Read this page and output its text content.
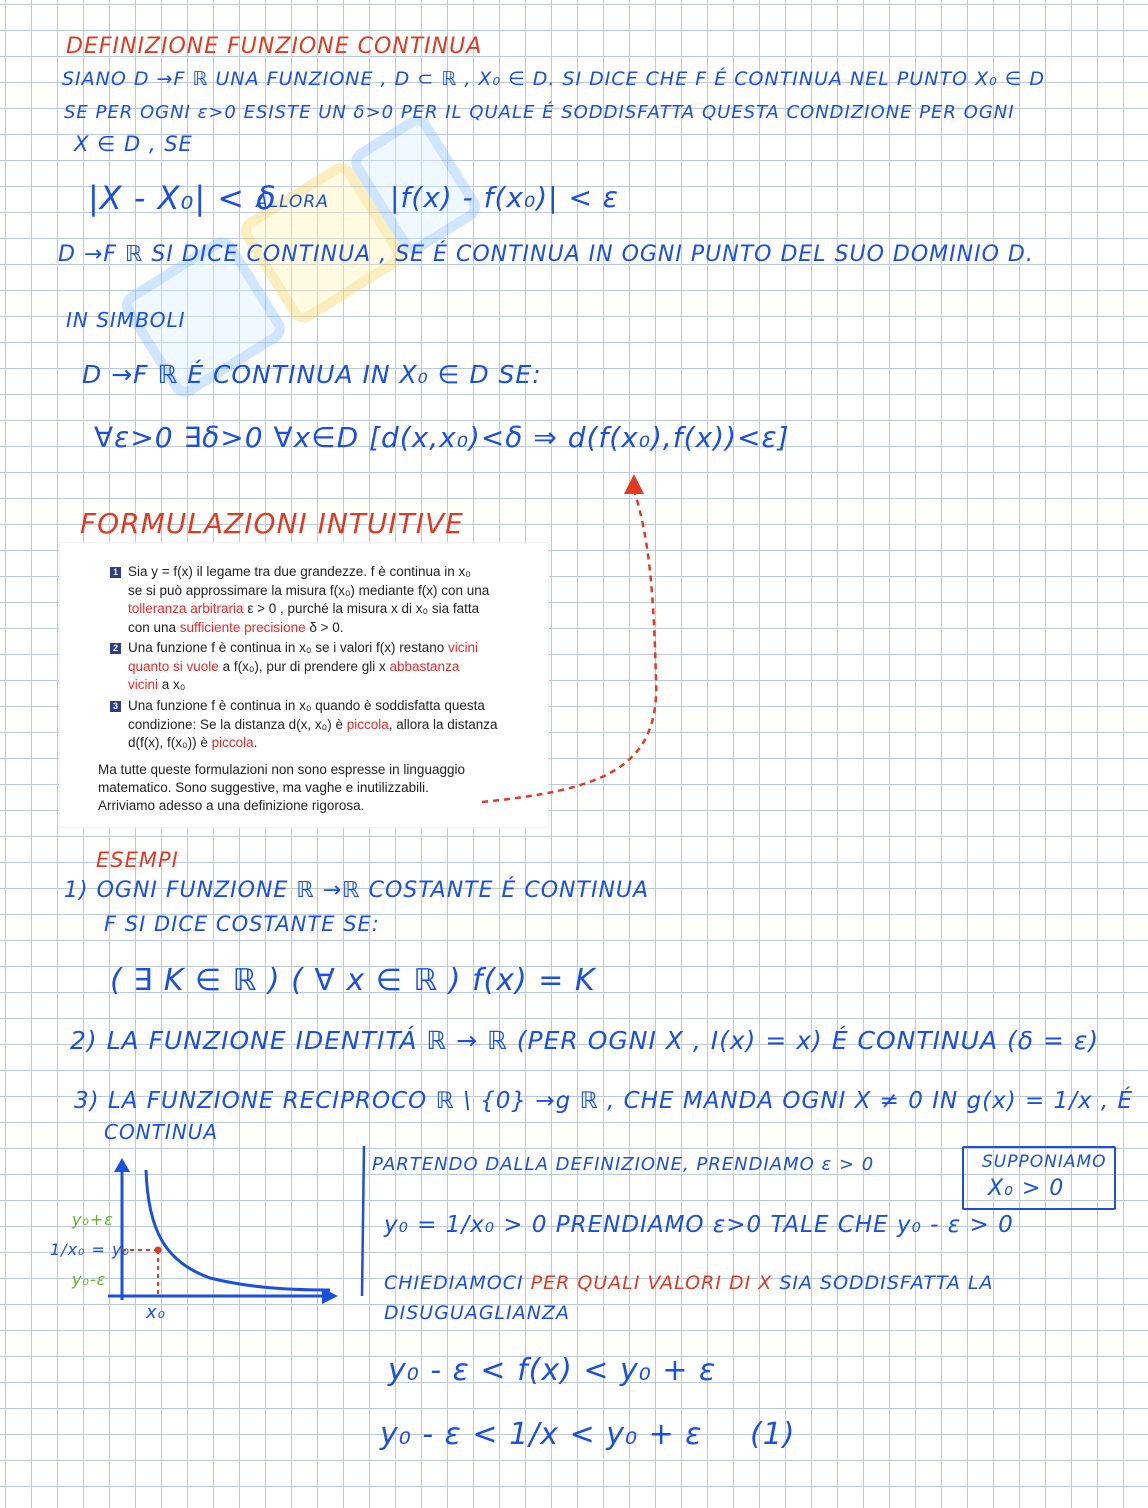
DEFINIZIONE FUNZIONE CONTINUA
SIANO D →F ℝ UNA FUNZIONE , D ⊂ ℝ , X₀ ∈ D. SI DICE CHE F É CONTINUA NEL PUNTO X₀ ∈ D
SE PER OGNI ε>0 ESISTE UN δ>0 PER IL QUALE É SODDISFATTA QUESTA CONDIZIONE PER OGNI
X ∈ D , SE
|X - X₀| < δ
ALLORA |f(x) - f(x₀)| < ε
D →F ℝ SI DICE CONTINUA , SE É CONTINUA IN OGNI PUNTO DEL SUO DOMINIO D.
IN SIMBOLI
D →F ℝ É CONTINUA IN X₀ ∈ D SE:
∀ε>0 ∃δ>0 ∀x∈D [d(x,x₀)<δ ⇒ d(f(x₀),f(x))<ε]
FORMULAZIONI INTUITIVE
1 Sia y = f(x) il legame tra due grandezze. f è continua in x₀
se si può approssimare la misura f(x₀) mediante f(x) con una
tolleranza arbitraria ε > 0 , purché la misura x di x₀ sia fatta
con una sufficiente precisione δ > 0.
2 Una funzione f è continua in x₀ se i valori f(x) restano vicini
quanto si vuole a f(x₀), pur di prendere gli x abbastanza
vicini a x₀
3 Una funzione f è continua in x₀ quando è soddisfatta questa
condizione: Se la distanza d(x, x₀) è piccola, allora la distanza
d(f(x), f(x₀)) è piccola.
Ma tutte queste formulazioni non sono espresse in linguaggio
matematico. Sono suggestive, ma vaghe e inutilizzabili.
Arriviamo adesso a una definizione rigorosa.
ESEMPI
1) OGNI FUNZIONE ℝ →ℝ COSTANTE É CONTINUA
F SI DICE COSTANTE SE:
( ∃ K ∈ ℝ ) ( ∀ x ∈ ℝ ) f(x) = K
2) LA FUNZIONE IDENTITÁ ℝ → ℝ (PER OGNI X , I(x) = x) É CONTINUA (δ = ε)
3) LA FUNZIONE RECIPROCO ℝ \ {0} →g ℝ , CHE MANDA OGNI X ≠ 0 IN g(x) = 1/x , É
CONTINUA
y₀+ε
1/x₀ = y₀
y₀-ε
x₀
PARTENDO DALLA DEFINIZIONE, PRENDIAMO ε > 0	SUPPONIAMO
X₀ > 0
y₀ = 1/x₀ > 0 PRENDIAMO ε>0 TALE CHE y₀ - ε > 0
CHIEDIAMOCI PER QUALI VALORI DI X SIA SODDISFATTA LA
DISUGUAGLIANZA
y₀ - ε < f(x) < y₀ + ε
y₀ - ε < 1/x < y₀ + ε (1)
